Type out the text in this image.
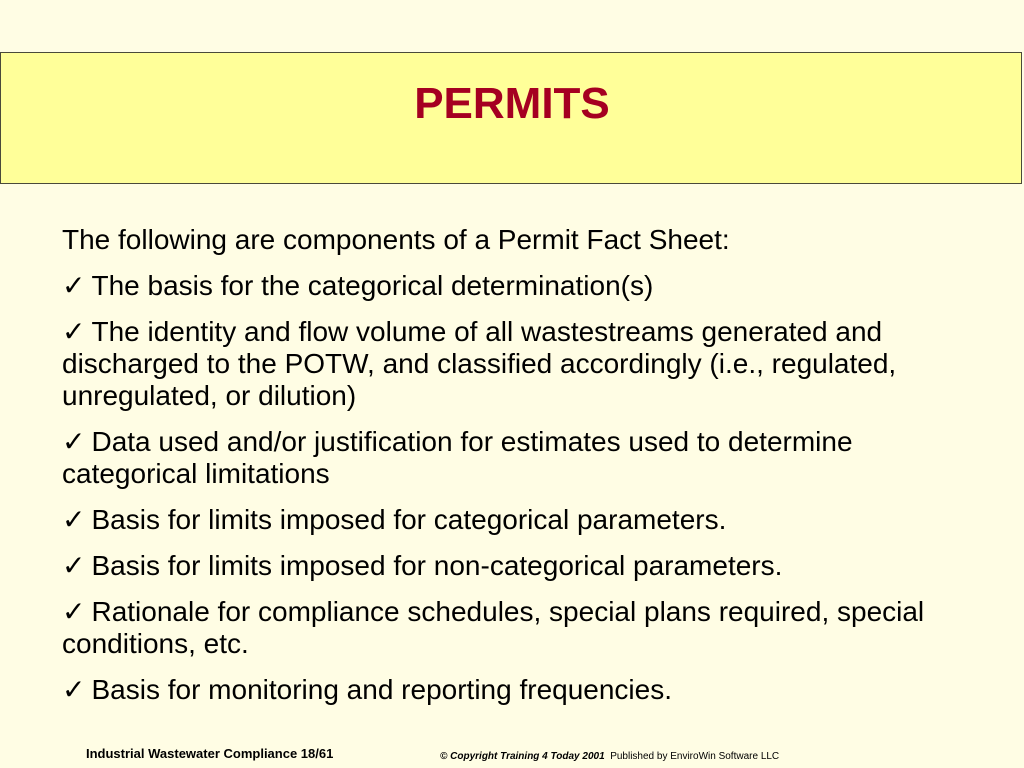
PERMITS

The following are components of a Permit Fact Sheet:

✓ The basis for the categorical determination(s)

✓ The identity and flow volume of all wastestreams generated and discharged to the POTW, and classified accordingly (i.e., regulated, unregulated, or dilution)

✓ Data used and/or justification for estimates used to determine categorical limitations

✓ Basis for limits imposed for categorical parameters.

✓ Basis for limits imposed for non-categorical parameters.

✓ Rationale for compliance schedules, special plans required, special conditions, etc.

✓ Basis for monitoring and reporting frequencies.

Industrial Wastewater Compliance 18/61	© Copyright Training 4 Today 2001 Published by EnviroWin Software LLC
